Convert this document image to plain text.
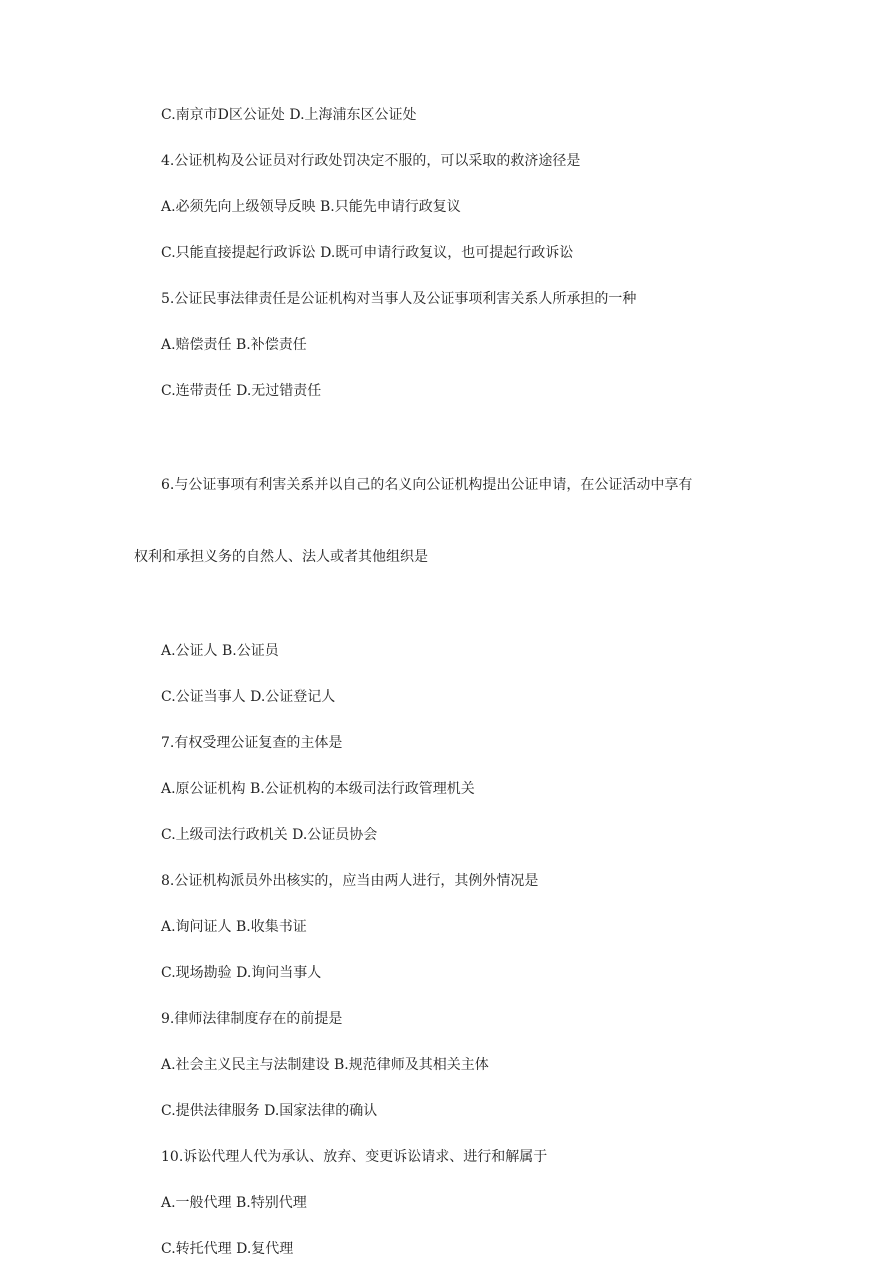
C.南京市D区公证处 D.上海浦东区公证处

4.公证机构及公证员对行政处罚决定不服的，可以采取的救济途径是

A.必须先向上级领导反映 B.只能先申请行政复议

C.只能直接提起行政诉讼 D.既可申请行政复议，也可提起行政诉讼

5.公证民事法律责任是公证机构对当事人及公证事项利害关系人所承担的一种

A.赔偿责任 B.补偿责任

C.连带责任 D.无过错责任

6.与公证事项有利害关系并以自己的名义向公证机构提出公证申请，在公证活动中享有

权利和承担义务的自然人、法人或者其他组织是

A.公证人 B.公证员

C.公证当事人 D.公证登记人

7.有权受理公证复查的主体是

A.原公证机构 B.公证机构的本级司法行政管理机关

C.上级司法行政机关 D.公证员协会

8.公证机构派员外出核实的，应当由两人进行，其例外情况是

A.询问证人 B.收集书证

C.现场勘验 D.询问当事人

9.律师法律制度存在的前提是

A.社会主义民主与法制建设 B.规范律师及其相关主体

C.提供法律服务 D.国家法律的确认

10.诉讼代理人代为承认、放弃、变更诉讼请求、进行和解属于

A.一般代理 B.特别代理

C.转托代理 D.复代理
